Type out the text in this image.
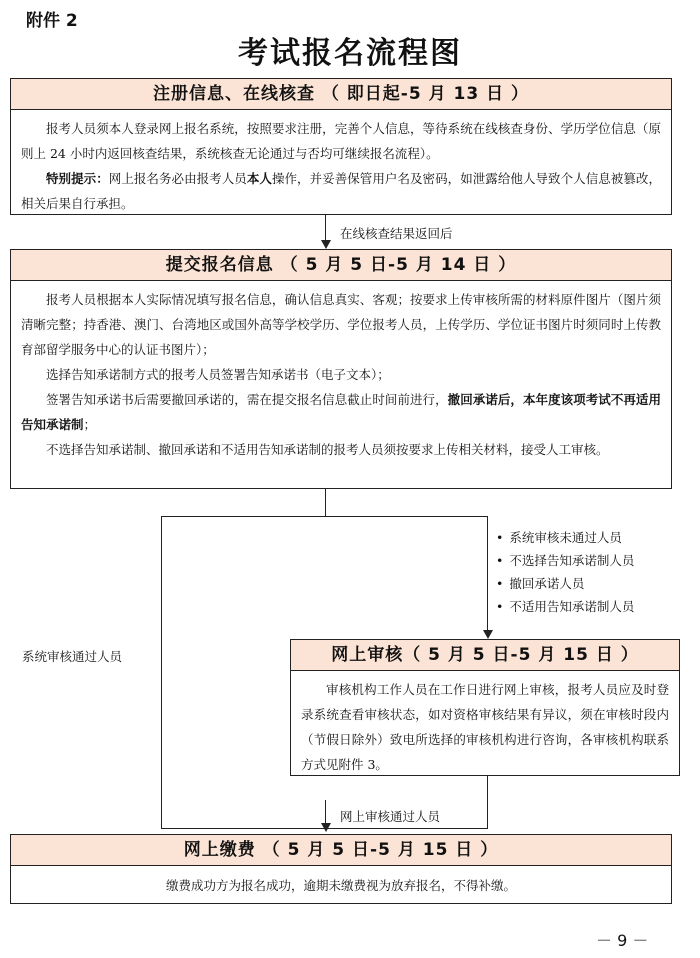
附件 2
考试报名流程图
注册信息、在线核查 （ 即日起-5 月 13 日 ）

报考人员须本人登录网上报名系统，按照要求注册，完善个人信息，等待系统在线核查身份、学历学位信息（原则上 24 小时内返回核查结果，系统核查无论通过与否均可继续报名流程）。

特别提示：网上报名务必由报考人员本人操作，并妥善保管用户名及密码，如泄露给他人导致个人信息被篡改，相关后果自行承担。

在线核查结果返回后
提交报名信息 （ 5 月 5 日-5 月 14 日 ）

报考人员根据本人实际情况填写报名信息，确认信息真实、客观；按要求上传审核所需的材料原件图片（图片须清晰完整；持香港、澳门、台湾地区或国外高等学校学历、学位报考人员，上传学历、学位证书图片时须同时上传教育部留学服务中心的认证书图片）；

选择告知承诺制方式的报考人员签署告知承诺书（电子文本）；

签署告知承诺书后需要撤回承诺的，需在提交报名信息截止时间前进行，撤回承诺后，本年度该项考试不再适用告知承诺制；

不选择告知承诺制、撤回承诺和不适用告知承诺制的报考人员须按要求上传相关材料，接受人工审核。

系统审核通过人员
• 系统审核未通过人员
• 不选择告知承诺制人员
• 撤回承诺人员
• 不适用告知承诺制人员
网上审核（ 5 月 5 日-5 月 15 日 ）

审核机构工作人员在工作日进行网上审核，报考人员应及时登录系统查看审核状态，如对资格审核结果有异议，须在审核时段内（节假日除外）致电所选择的审核机构进行咨询，各审核机构联系方式见附件 3。

网上审核通过人员
网上缴费 （ 5 月 5 日-5 月 15 日 ）
缴费成功方为报名成功，逾期未缴费视为放弃报名，不得补缴。
－ 9 －
